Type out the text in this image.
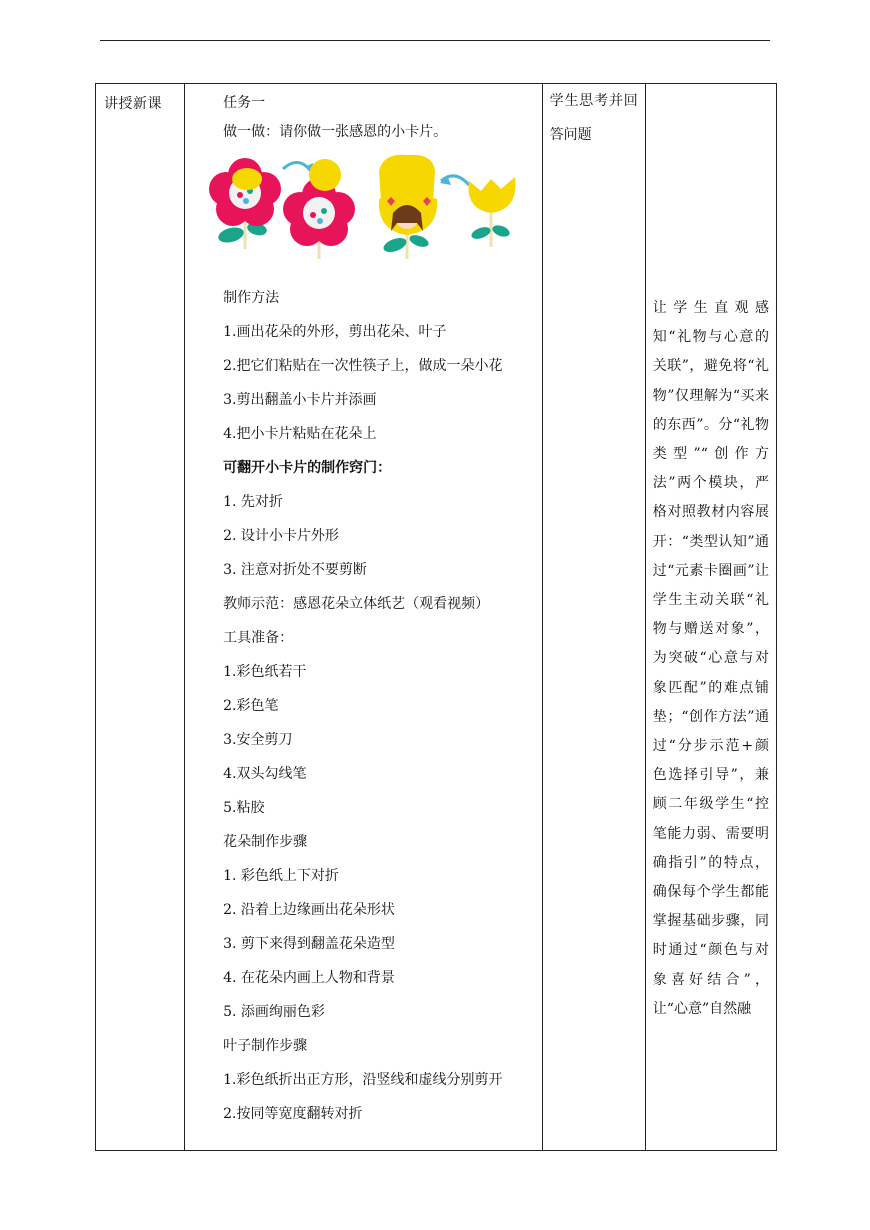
讲授新课	任务一
做一做：请你做一张感恩的小卡片。
制作方法
1.画出花朵的外形，剪出花朵、叶子
2.把它们粘贴在一次性筷子上，做成一朵小花
3.剪出翻盖小卡片并添画
4.把小卡片粘贴在花朵上
可翻开小卡片的制作窍门：
1. 先对折
2. 设计小卡片外形
3. 注意对折处不要剪断
教师示范：感恩花朵立体纸艺（观看视频）
工具准备：
1.彩色纸若干
2.彩色笔
3.安全剪刀
4.双头勾线笔
5.粘胶
花朵制作步骤
1. 彩色纸上下对折
2. 沿着上边缘画出花朵形状
3. 剪下来得到翻盖花朵造型
4. 在花朵内画上人物和背景
5. 添画绚丽色彩
叶子制作步骤
1.彩色纸折出正方形，沿竖线和虚线分别剪开
2.按同等宽度翻转对折

学生思考并回答问题

让学生直观感知“礼物与心意的关联”，避免将“礼物”仅理解为“买来的东西”。分“礼物类型”“创作方法”两个模块，严格对照教材内容展开：“类型认知”通过“元素卡圈画”让学生主动关联“礼物与赠送对象”，为突破“心意与对象匹配”的难点铺垫；“创作方法”通过“分步示范+颜色选择引导”，兼顾二年级学生“控笔能力弱、需要明确指引”的特点，确保每个学生都能掌握基础步骤，同时通过“颜色与对象喜好结合”，让“心意”自然融
